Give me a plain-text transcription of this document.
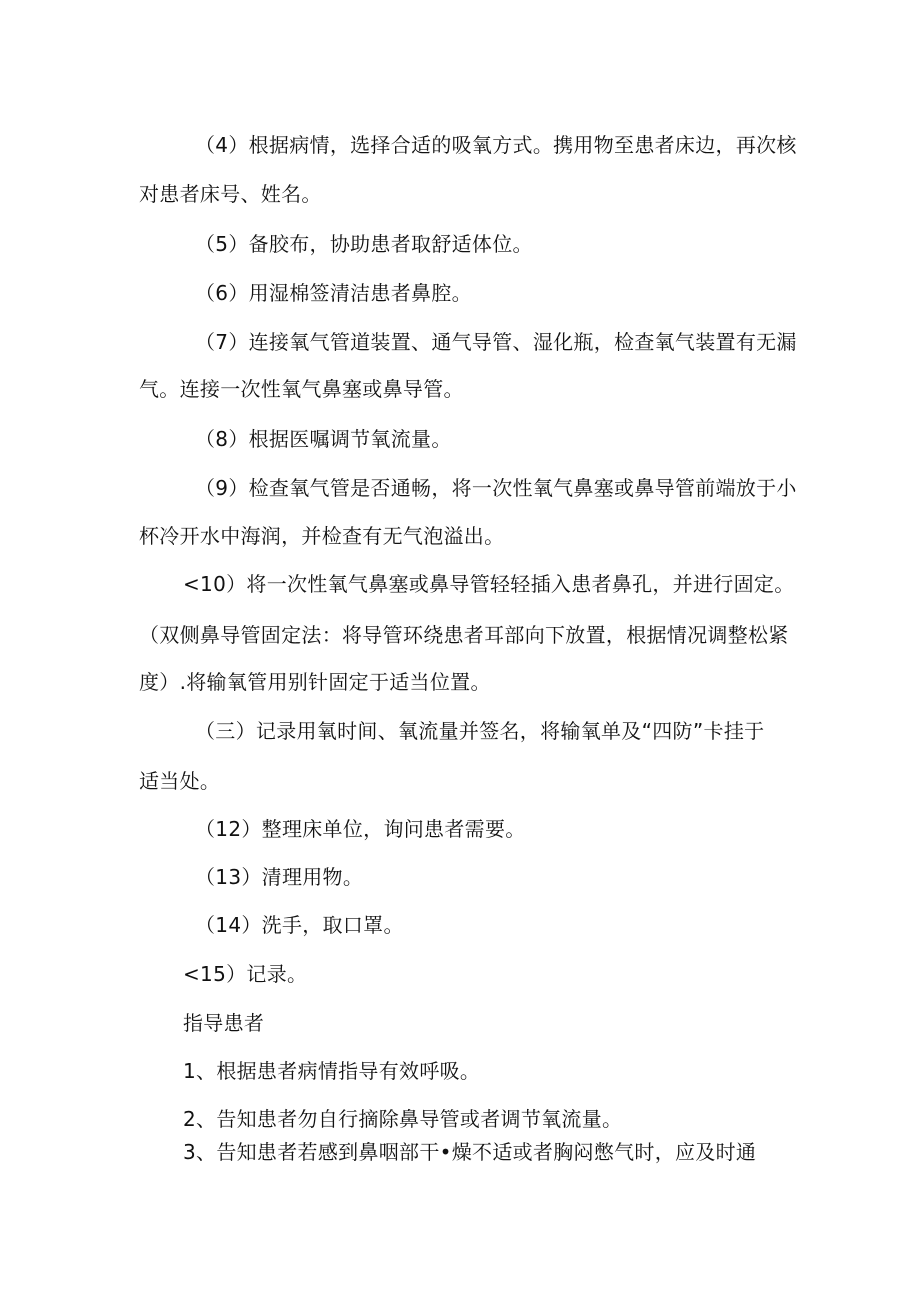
（4）根据病情，选择合适的吸氧方式。携用物至患者床边，再次核
对患者床号、姓名。
（5）备胶布，协助患者取舒适体位。
（6）用湿棉签清洁患者鼻腔。
（7）连接氧气管道装置、通气导管、湿化瓶，检查氧气装置有无漏
气。连接一次性氧气鼻塞或鼻导管。
（8）根据医嘱调节氧流量。
（9）检查氧气管是否通畅，将一次性氧气鼻塞或鼻导管前端放于小
杯冷开水中海润，并检查有无气泡溢出。
<10）将一次性氧气鼻塞或鼻导管轻轻插入患者鼻孔，并进行固定。
（双侧鼻导管固定法：将导管环绕患者耳部向下放置，根据情况调整松紧
度）.将输氧管用别针固定于适当位置。
（三）记录用氧时间、氧流量并签名，将输氧单及“四防”卡挂于
适当处。
（12）整理床单位，询问患者需要。
（13）清理用物。
（14）洗手，取口罩。
<15）记录。
指导患者
1、根据患者病情指导有效呼吸。
2、告知患者勿自行摘除鼻导管或者调节氧流量。
3、告知患者若感到鼻咽部干•燥不适或者胸闷憋气时，应及时通
